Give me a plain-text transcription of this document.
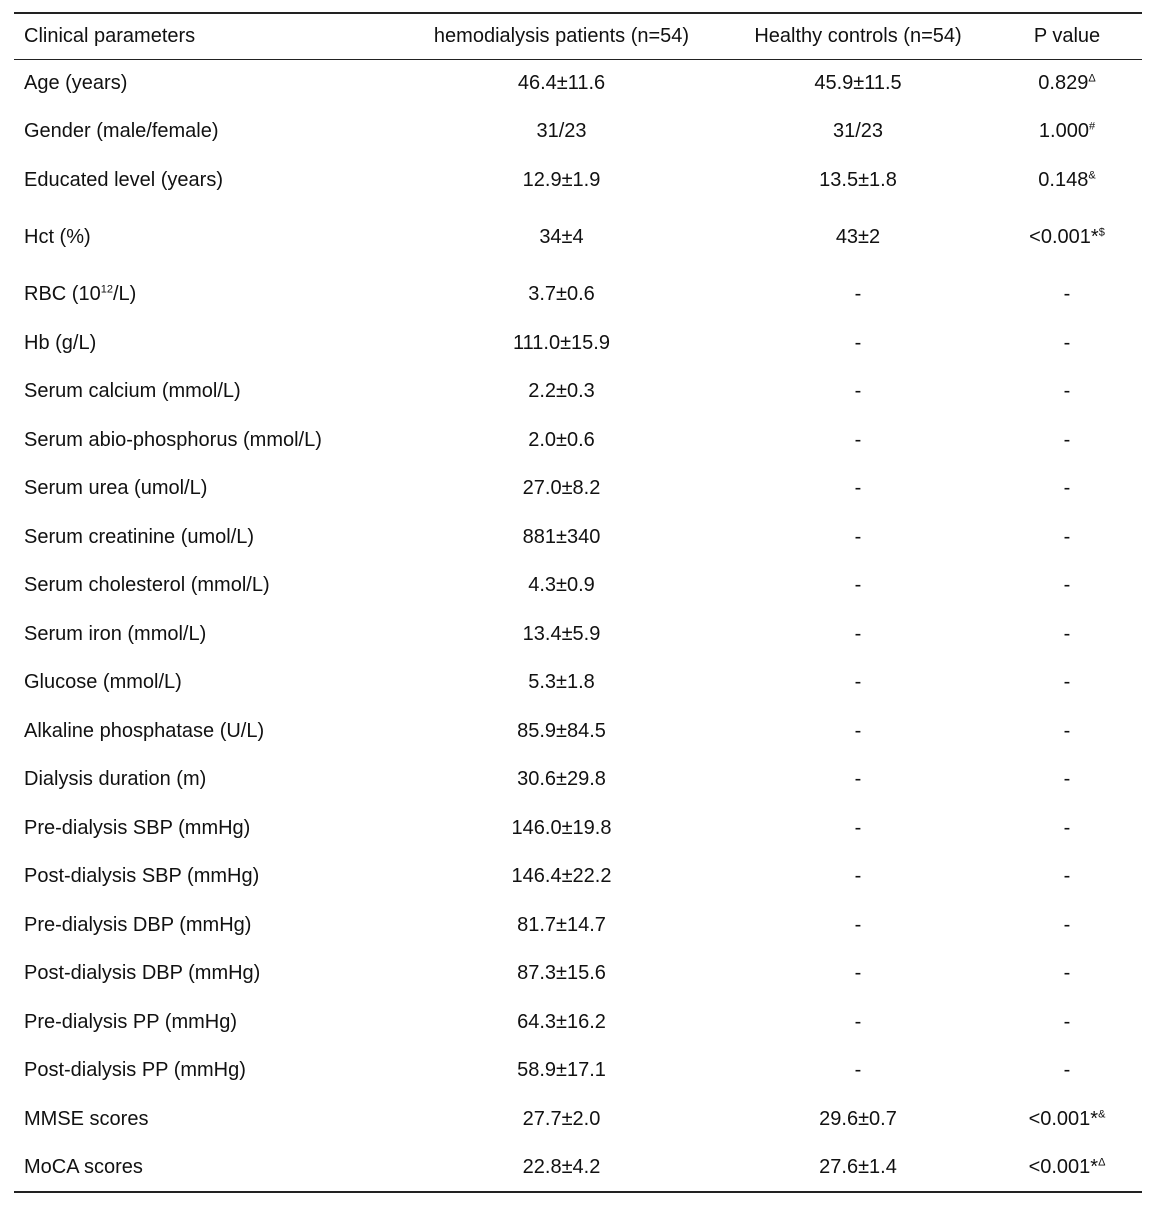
Clinical parameters	hemodialysis patients (n=54)	Healthy controls (n=54)	P value
Age (years)	46.4±11.6	45.9±11.5	$0.829^\Delta$
Gender (male/female)	31/23	31/23	1.000#
Educated level (years)	12.9±1.9	13.5±1.8	0.148&
Hct (%)	34±4	43±2	<0.001*$
RBC $(10^{12}/L)$	3.7±0.6	-	-
Hb (g/L)	111.0±15.9	-	-
Serum calcium (mmol/L)	2.2±0.3	-	-
Serum abio-phosphorus (mmol/L)	2.0±0.6	-	-
Serum urea (umol/L)	27.0±8.2	-	-
Serum creatinine (umol/L)	881±340	-	-
Serum cholesterol (mmol/L)	4.3±0.9	-	-
Serum iron (mmol/L)	13.4±5.9	-	-
Glucose (mmol/L)	5.3±1.8	-	-
Alkaline phosphatase (U/L)	85.9±84.5	-	-
Dialysis duration (m)	30.6±29.8	-	-
Pre-dialysis SBP (mmHg)	146.0±19.8	-	-
Post-dialysis SBP (mmHg)	146.4±22.2	-	-
Pre-dialysis DBP (mmHg)	81.7±14.7	-	-
Post-dialysis DBP (mmHg)	87.3±15.6	-	-
Pre-dialysis PP (mmHg)	64.3±16.2	-	-
Post-dialysis PP (mmHg)	58.9±17.1	-	-
MMSE scores	27.7±2.0	29.6±0.7	<0.001*&
MoCA scores	22.8±4.2	27.6±1.4	<0.001*$^\Delta$
